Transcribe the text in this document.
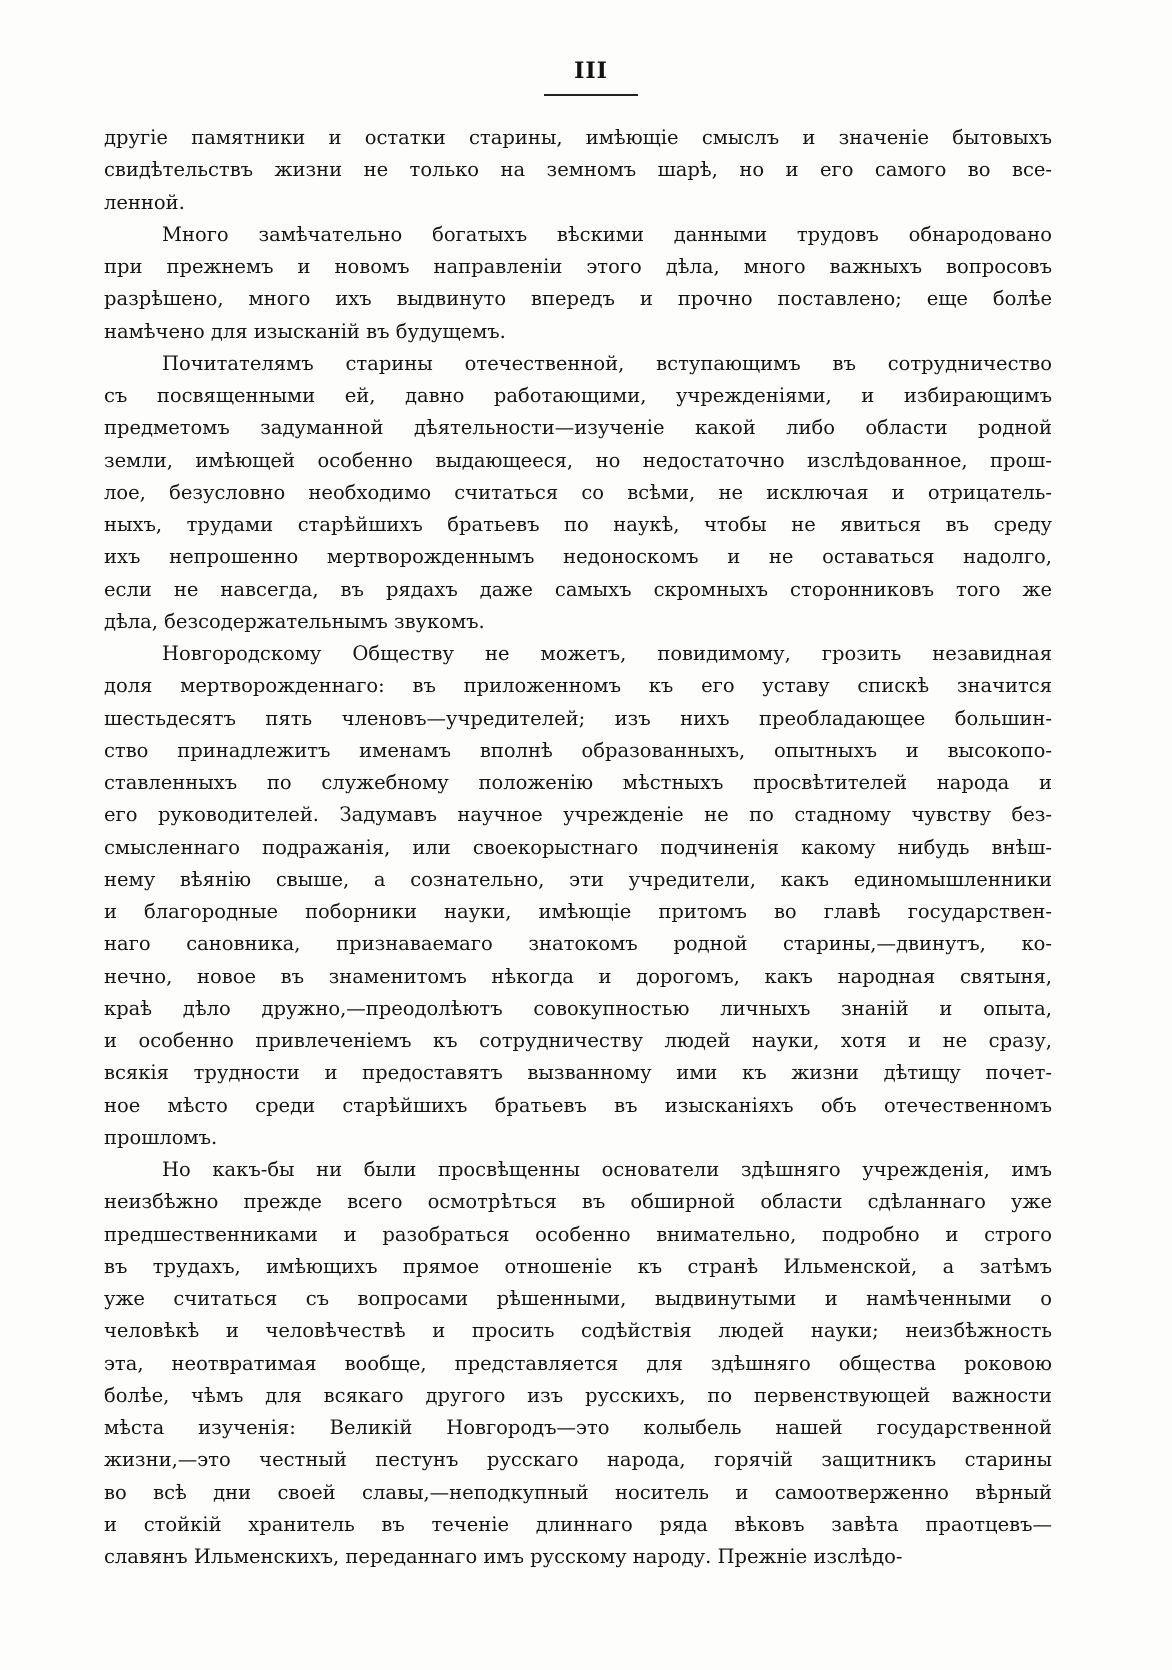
III
другіе памятники и остатки старины, имѣющіе смыслъ и значеніе бытовыхъ
свидѣтельствъ жизни не только на земномъ шарѣ, но и его самого во все-
ленной.
Много замѣчательно богатыхъ вѣскими данными трудовъ обнародовано
при прежнемъ и новомъ направленіи этого дѣла, много важныхъ вопросовъ
разрѣшено, много ихъ выдвинуто впередъ и прочно поставлено; еще болѣе
намѣчено для изысканій въ будущемъ.
Почитателямъ старины отечественной, вступающимъ въ сотрудничество
съ посвященными ей, давно работающими, учрежденіями, и избирающимъ
предметомъ задуманной дѣятельности—изученіе какой либо области родной
земли, имѣющей особенно выдающееся, но недостаточно изслѣдованное, прош-
лое, безусловно необходимо считаться со всѣми, не исключая и отрицатель-
ныхъ, трудами старѣйшихъ братьевъ по наукѣ, чтобы не явиться въ среду
ихъ непрошенно мертворожденнымъ недоноскомъ и не оставаться надолго,
если не навсегда, въ рядахъ даже самыхъ скромныхъ сторонниковъ того же
дѣла, безсодержательнымъ звукомъ.
Новгородскому Обществу не можетъ, повидимому, грозить незавидная
доля мертворожденнаго: въ приложенномъ къ его уставу спискѣ значится
шестьдесятъ пять членовъ—учредителей; изъ нихъ преобладающее большин-
ство принадлежитъ именамъ вполнѣ образованныхъ, опытныхъ и высокопо-
ставленныхъ по служебному положенію мѣстныхъ просвѣтителей народа и
его руководителей. Задумавъ научное учрежденіе не по стадному чувству без-
смысленнаго подражанія, или своекорыстнаго подчиненія какому нибудь внѣш-
нему вѣянію свыше, а сознательно, эти учредители, какъ единомышленники
и благородные поборники науки, имѣющіе притомъ во главѣ государствен-
наго сановника, признаваемаго знатокомъ родной старины,—двинутъ, ко-
нечно, новое въ знаменитомъ нѣкогда и дорогомъ, какъ народная святыня,
краѣ дѣло дружно,—преодолѣютъ совокупностью личныхъ знаній и опыта,
и особенно привлеченіемъ къ сотрудничеству людей науки, хотя и не сразу,
всякія трудности и предоставятъ вызванному ими къ жизни дѣтищу почет-
ное мѣсто среди старѣйшихъ братьевъ въ изысканіяхъ объ отечественномъ
прошломъ.
Но какъ-бы ни были просвѣщенны основатели здѣшняго учрежденія, имъ
неизбѣжно прежде всего осмотрѣться въ обширной области сдѣланнаго уже
предшественниками и разобраться особенно внимательно, подробно и строго
въ трудахъ, имѣющихъ прямое отношеніе къ странѣ Ильменской, а затѣмъ
уже считаться съ вопросами рѣшенными, выдвинутыми и намѣченными о
человѣкѣ и человѣчествѣ и просить содѣйствія людей науки; неизбѣжность
эта, неотвратимая вообще, представляется для здѣшняго общества роковою
болѣе, чѣмъ для всякаго другого изъ русскихъ, по первенствующей важности
мѣста изученія: Великій Новгородъ—это колыбель нашей государственной
жизни,—это честный пестунъ русскаго народа, горячій защитникъ старины
во всѣ дни своей славы,—неподкупный носитель и самоотверженно вѣрный
и стойкій хранитель въ теченіе длиннаго ряда вѣковъ завѣта праотцевъ—
славянъ Ильменскихъ, переданнаго имъ русскому народу. Прежніе изслѣдо-
